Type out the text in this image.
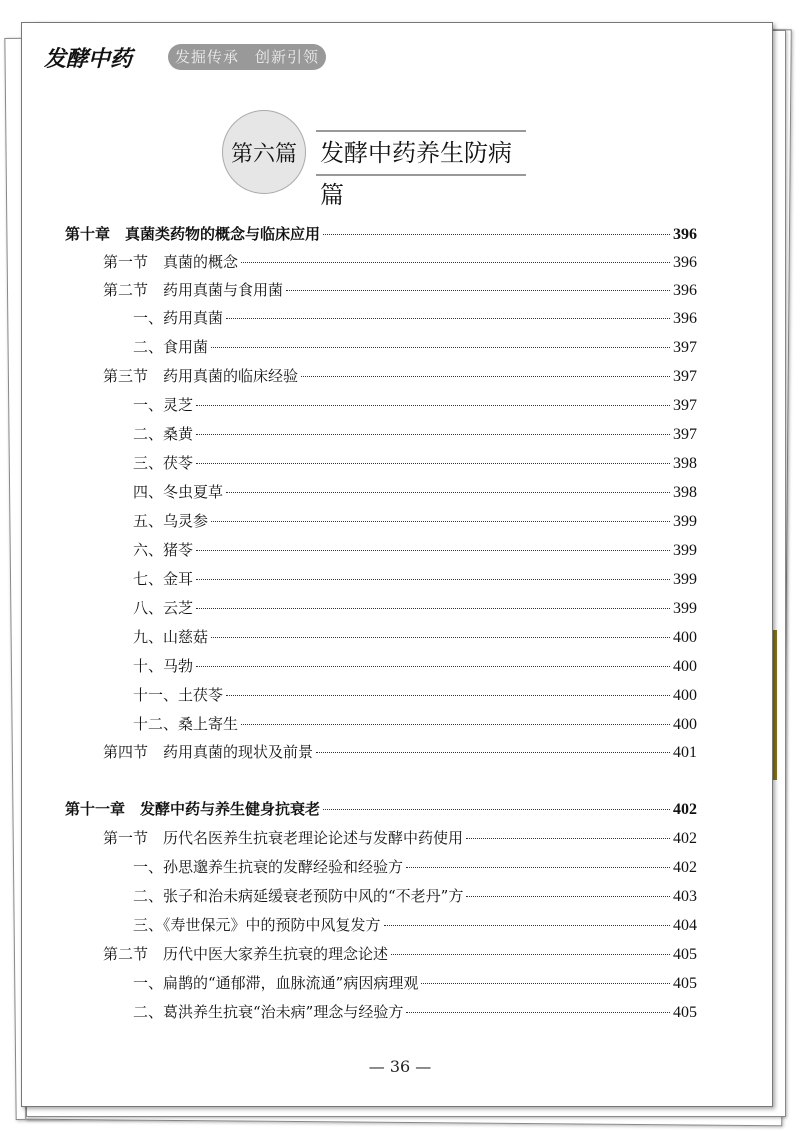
发酵中药	发掘传承　创新引领
第六篇 发酵中药养生防病篇
第十章　真菌类药物的概念与临床应用	396
第一节　真菌的概念	396
第二节　药用真菌与食用菌	396
一、药用真菌	396
二、食用菌	397
第三节　药用真菌的临床经验	397
一、灵芝	397
二、桑黄	397
三、茯苓	398
四、冬虫夏草	398
五、乌灵参	399
六、猪苓	399
七、金耳	399
八、云芝	399
九、山慈菇	400
十、马勃	400
十一、土茯苓	400
十二、桑上寄生	400
第四节　药用真菌的现状及前景	401
第十一章　发酵中药与养生健身抗衰老	402
第一节　历代名医养生抗衰老理论论述与发酵中药使用	402
一、孙思邈养生抗衰的发酵经验和经验方	402
二、张子和治未病延缓衰老预防中风的“不老丹”方	403
三、《寿世保元》中的预防中风复发方	404
第二节　历代中医大家养生抗衰的理念论述	405
一、扁鹊的“通郁滞，血脉流通”病因病理观	405
二、葛洪养生抗衰“治未病”理念与经验方	405
— 36 —
